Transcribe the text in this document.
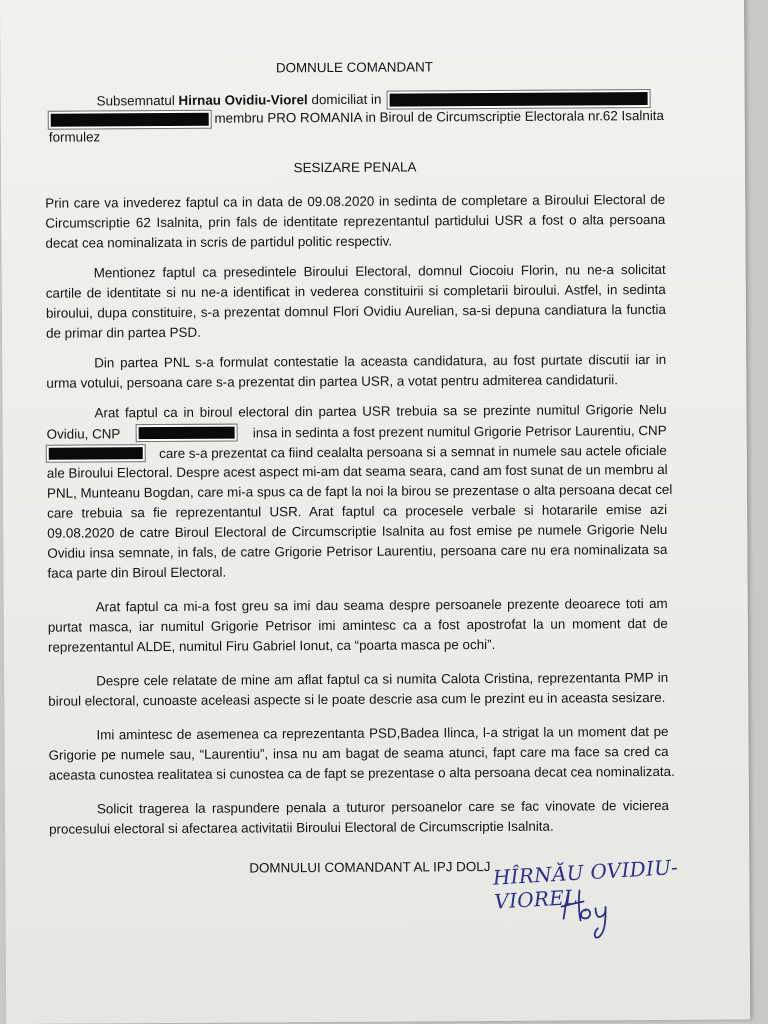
DOMNULE COMANDANT
Subsemnatul Hirnau Ovidiu-Viorel domiciliat in
membru PRO ROMANIA in Biroul de Circumscriptie Electorala nr.62 Isalnita
formulez
SESIZARE PENALA
Prin care va invederez faptul ca in data de 09.08.2020 in sedinta de completare a Biroului Electoral de
Circumscriptie 62 Isalnita, prin fals de identitate reprezentantul partidului USR a fost o alta persoana
decat cea nominalizata in scris de partidul politic respectiv.
Mentionez faptul ca presedintele Biroului Electoral, domnul Ciocoiu Florin, nu ne-a solicitat
cartile de identitate si nu ne-a identificat in vederea constituirii si completarii biroului. Astfel, in sedinta
biroului, dupa constituire, s-a prezentat domnul Flori Ovidiu Aurelian, sa-si depuna candiatura la functia
de primar din partea PSD.
Din partea PNL s-a formulat contestatie la aceasta candidatura, au fost purtate discutii iar in
urma votului, persoana care s-a prezentat din partea USR, a votat pentru admiterea candidaturii.
Arat faptul ca in biroul electoral din partea USR trebuia sa se prezinte numitul Grigorie Nelu
Ovidiu, CNP	insa in sedinta a fost prezent numitul Grigorie Petrisor Laurentiu, CNP
care s-a prezentat ca fiind cealalta persoana si a semnat in numele sau actele oficiale
ale Biroului Electoral. Despre acest aspect mi-am dat seama seara, cand am fost sunat de un membru al
PNL, Munteanu Bogdan, care mi-a spus ca de fapt la noi la birou se prezentase o alta persoana decat cel
care trebuia sa fie reprezentantul USR. Arat faptul ca procesele verbale si hotararile emise azi
09.08.2020 de catre Biroul Electoral de Circumscriptie Isalnita au fost emise pe numele Grigorie Nelu
Ovidiu insa semnate, in fals, de catre Grigorie Petrisor Laurentiu, persoana care nu era nominalizata sa
faca parte din Biroul Electoral.
Arat faptul ca mi-a fost greu sa imi dau seama despre persoanele prezente deoarece toti am
purtat masca, iar numitul Grigorie Petrisor imi amintesc ca a fost apostrofat la un moment dat de
reprezentantul ALDE, numitul Firu Gabriel Ionut, ca “poarta masca pe ochi”.
Despre cele relatate de mine am aflat faptul ca si numita Calota Cristina, reprezentanta PMP in
biroul electoral, cunoaste aceleasi aspecte si le poate descrie asa cum le prezint eu in aceasta sesizare.
Imi amintesc de asemenea ca reprezentanta PSD,Badea Ilinca, l-a strigat la un moment dat pe
Grigorie pe numele sau, “Laurentiu”, insa nu am bagat de seama atunci, fapt care ma face sa cred ca
aceasta cunostea realitatea si cunostea ca de fapt se prezentase o alta persoana decat cea nominalizata.
Solicit tragerea la raspundere penala a tuturor persoanelor care se fac vinovate de vicierea
procesului electoral si afectarea activitatii Biroului Electoral de Circumscriptie Isalnita.
DOMNULUI COMANDANT AL IPJ DOLJ HÎRNĂU OVIDIU-VIOREL
